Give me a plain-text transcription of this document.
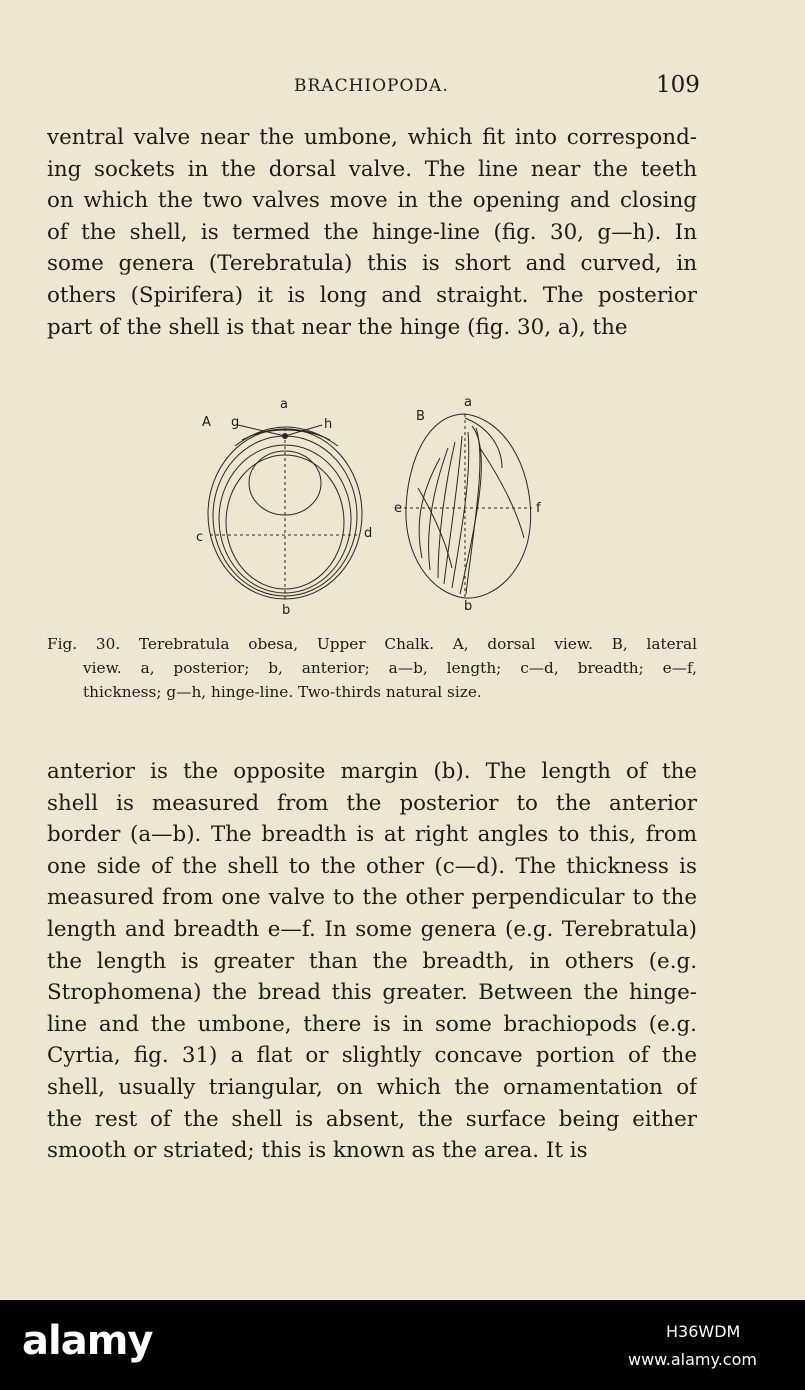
BRACHIOPODA.	109
ventral valve near the umbone, which fit into correspond-
ing sockets in the dorsal valve. The line near the teeth
on which the two valves move in the opening and closing
of the shell, is termed the hinge-line (fig. 30, g—h). In
some genera (Terebratula) this is short and curved, in
others (Spirifera) it is long and straight. The posterior
part of the shell is that near the hinge (fig. 30, a), the
A g
a
h
c	d
b
B
a
e	f
b
Fig. 30. Terebratula obesa, Upper Chalk. A, dorsal view. B, lateral
view. a, posterior; b, anterior; a—b, length; c—d, breadth; e—f,
thickness; g—h, hinge-line. Two-thirds natural size.
anterior is the opposite margin (b). The length of the
shell is measured from the posterior to the anterior
border (a—b). The breadth is at right angles to this, from
one side of the shell to the other (c—d). The thickness is
measured from one valve to the other perpendicular to the
length and breadth e—f. In some genera (e.g. Terebratula)
the length is greater than the breadth, in others (e.g.
Strophomena) the bread this greater. Between the hinge-
line and the umbone, there is in some brachiopods (e.g.
Cyrtia, fig. 31) a flat or slightly concave portion of the
shell, usually triangular, on which the ornamentation of
the rest of the shell is absent, the surface being either
smooth or striated; this is known as the area. It is
alamy	H36WDM
www.alamy.com
